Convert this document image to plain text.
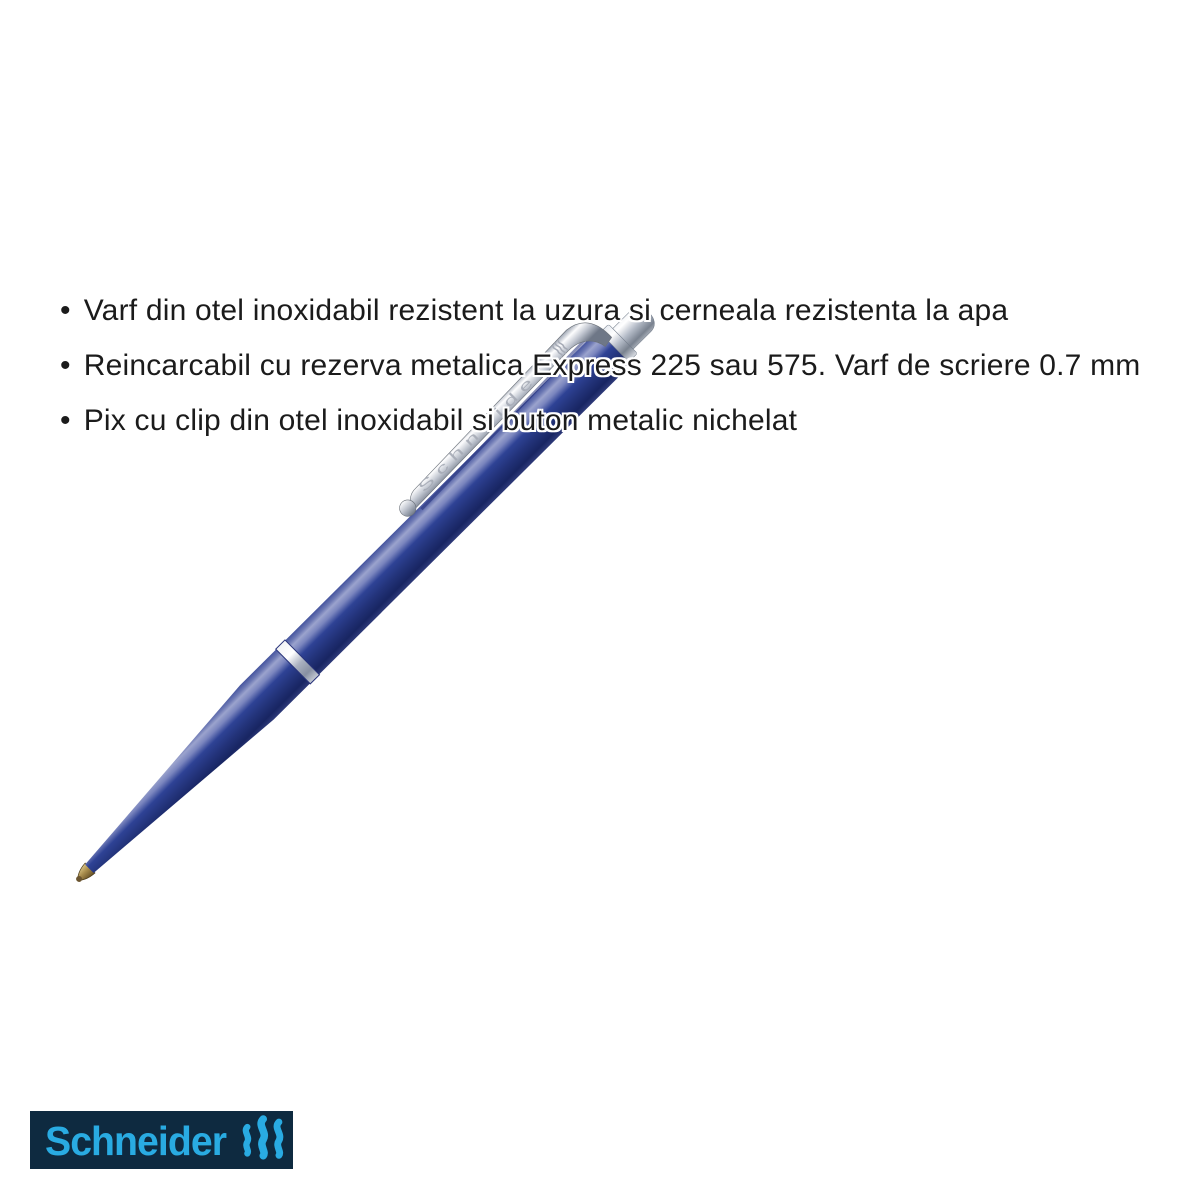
Schneider
• Varf din otel inoxidabil rezistent la uzura si cerneala rezistenta la apa
• Reincarcabil cu rezerva metalica Express 225 sau 575. Varf de scriere 0.7 mm
• Pix cu clip din otel inoxidabil si buton metalic nichelat
Schneider
